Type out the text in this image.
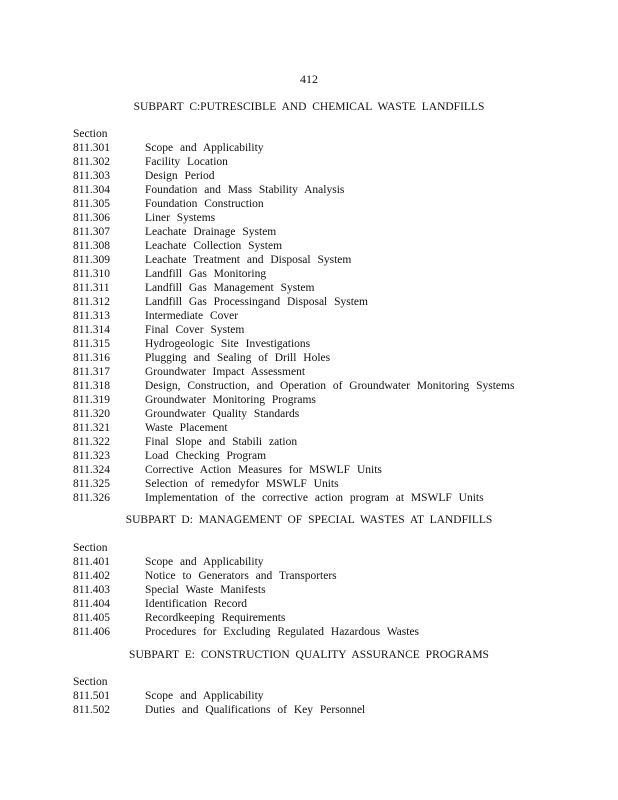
412
SUBPART C:PUTRESCIBLE AND CHEMICAL WASTE LANDFILLS
Section
811.301	Scope and Applicability
811.302	Facility Location
811.303	Design Period
811.304	Foundation and Mass Stability Analysis
811.305	Foundation Construction
811.306	Liner Systems
811.307	Leachate Drainage System
811.308	Leachate Collection System
811.309	Leachate Treatment and Disposal System
811.310	Landfill Gas Monitoring
811.311	Landfill Gas Management System
811.312	Landfill Gas Processingand Disposal System
811.313	Intermediate Cover
811.314	Final Cover System
811.315	Hydrogeologic Site Investigations
811.316	Plugging and Sealing of Drill Holes
811.317	Groundwater Impact Assessment
811.318	Design, Construction, and Operation of Groundwater Monitoring Systems
811.319	Groundwater Monitoring Programs
811.320	Groundwater Quality Standards
811.321	Waste Placement
811.322	Final Slope and Stabili zation
811.323	Load Checking Program
811.324	Corrective Action Measures for MSWLF Units
811.325	Selection of remedyfor MSWLF Units
811.326	Implementation of the corrective action program at MSWLF Units
SUBPART D: MANAGEMENT OF SPECIAL WASTES AT LANDFILLS
Section
811.401	Scope and Applicability
811.402	Notice to Generators and Transporters
811.403	Special Waste Manifests
811.404	Identification Record
811.405	Recordkeeping Requirements
811.406	Procedures for Excluding Regulated Hazardous Wastes
SUBPART E: CONSTRUCTION QUALITY ASSURANCE PROGRAMS
Section
811.501	Scope and Applicability
811.502	Duties and Qualifications of Key Personnel
